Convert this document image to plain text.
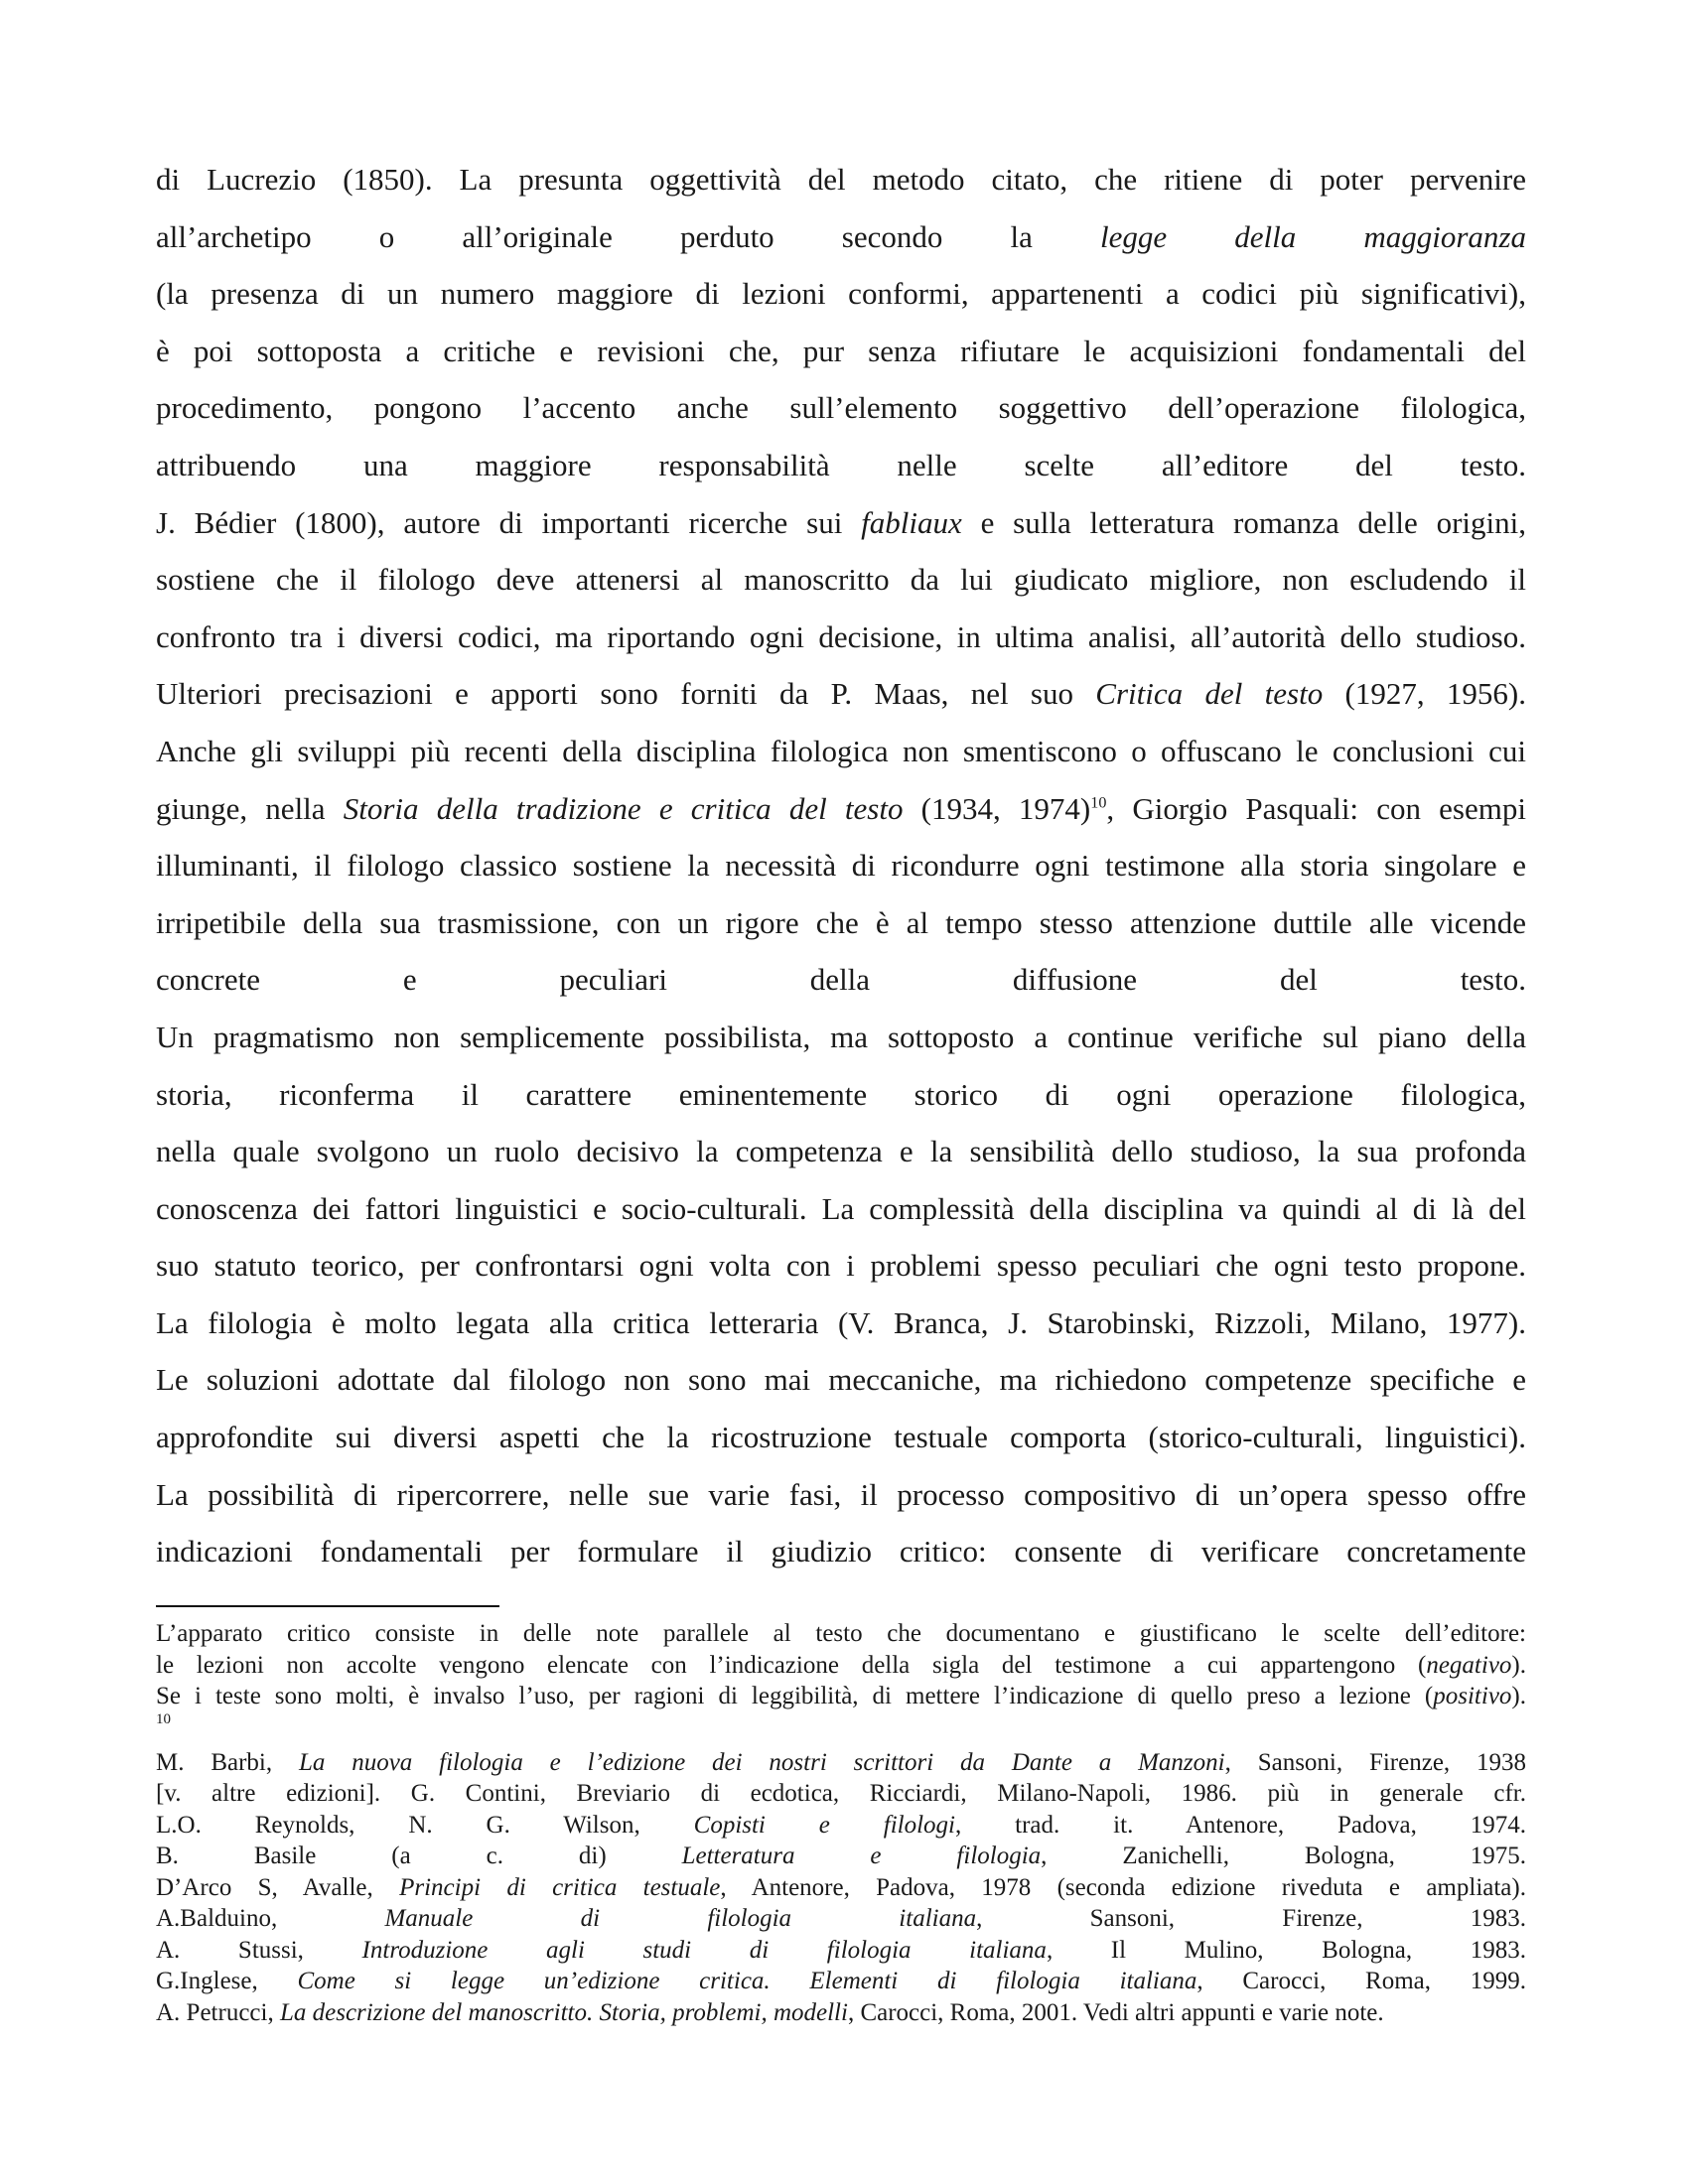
di Lucrezio (1850). La presunta oggettività del metodo citato, che ritiene di poter pervenire
all’archetipo o all’originale perduto secondo la legge della maggioranza
(la presenza di un numero maggiore di lezioni conformi, appartenenti a codici più significativi),
è poi sottoposta a critiche e revisioni che, pur senza rifiutare le acquisizioni fondamentali del
procedimento, pongono l’accento anche sull’elemento soggettivo dell’operazione filologica,
attribuendo una maggiore responsabilità nelle scelte all’editore del testo.
J. Bédier (1800), autore di importanti ricerche sui fabliaux e sulla letteratura romanza delle origini,
sostiene che il filologo deve attenersi al manoscritto da lui giudicato migliore, non escludendo il
confronto tra i diversi codici, ma riportando ogni decisione, in ultima analisi, all’autorità dello studioso.
Ulteriori precisazioni e apporti sono forniti da P. Maas, nel suo Critica del testo (1927, 1956).
Anche gli sviluppi più recenti della disciplina filologica non smentiscono o offuscano le conclusioni cui
giunge, nella Storia della tradizione e critica del testo (1934, 1974)$^{10}$, Giorgio Pasquali: con esempi
illuminanti, il filologo classico sostiene la necessità di ricondurre ogni testimone alla storia singolare e
irripetibile della sua trasmissione, con un rigore che è al tempo stesso attenzione duttile alle vicende
concrete e peculiari della diffusione del testo.
Un pragmatismo non semplicemente possibilista, ma sottoposto a continue verifiche sul piano della
storia, riconferma il carattere eminentemente storico di ogni operazione filologica,
nella quale svolgono un ruolo decisivo la competenza e la sensibilità dello studioso, la sua profonda
conoscenza dei fattori linguistici e socio-culturali. La complessità della disciplina va quindi al di là del
suo statuto teorico, per confrontarsi ogni volta con i problemi spesso peculiari che ogni testo propone.
La filologia è molto legata alla critica letteraria (V. Branca, J. Starobinski, Rizzoli, Milano, 1977).
Le soluzioni adottate dal filologo non sono mai meccaniche, ma richiedono competenze specifiche e
approfondite sui diversi aspetti che la ricostruzione testuale comporta (storico-culturali, linguistici).
La possibilità di ripercorrere, nelle sue varie fasi, il processo compositivo di un’opera spesso offre
indicazioni fondamentali per formulare il giudizio critico: consente di verificare concretamente
L’apparato critico consiste in delle note parallele al testo che documentano e giustificano le scelte dell’editore:
le lezioni non accolte vengono elencate con l’indicazione della sigla del testimone a cui appartengono (negativo).
Se i teste sono molti, è invalso l’uso, per ragioni di leggibilità, di mettere l’indicazione di quello preso a lezione (positivo).
10
M. Barbi, La nuova filologia e l’edizione dei nostri scrittori da Dante a Manzoni, Sansoni, Firenze, 1938
[v. altre edizioni]. G. Contini, Breviario di ecdotica, Ricciardi, Milano-Napoli, 1986. più in generale cfr.
L.O. Reynolds, N. G. Wilson, Copisti e filologi, trad. it. Antenore, Padova, 1974.
B. Basile (a c. di) Letteratura e filologia, Zanichelli, Bologna, 1975.
D’Arco S, Avalle, Principi di critica testuale, Antenore, Padova, 1978 (seconda edizione riveduta e ampliata).
A.Balduino, Manuale di filologia italiana, Sansoni, Firenze, 1983.
A. Stussi, Introduzione agli studi di filologia italiana, Il Mulino, Bologna, 1983.
G.Inglese, Come si legge un’edizione critica. Elementi di filologia italiana, Carocci, Roma, 1999.
A. Petrucci, La descrizione del manoscritto. Storia, problemi, modelli, Carocci, Roma, 2001. Vedi altri appunti e varie note.
